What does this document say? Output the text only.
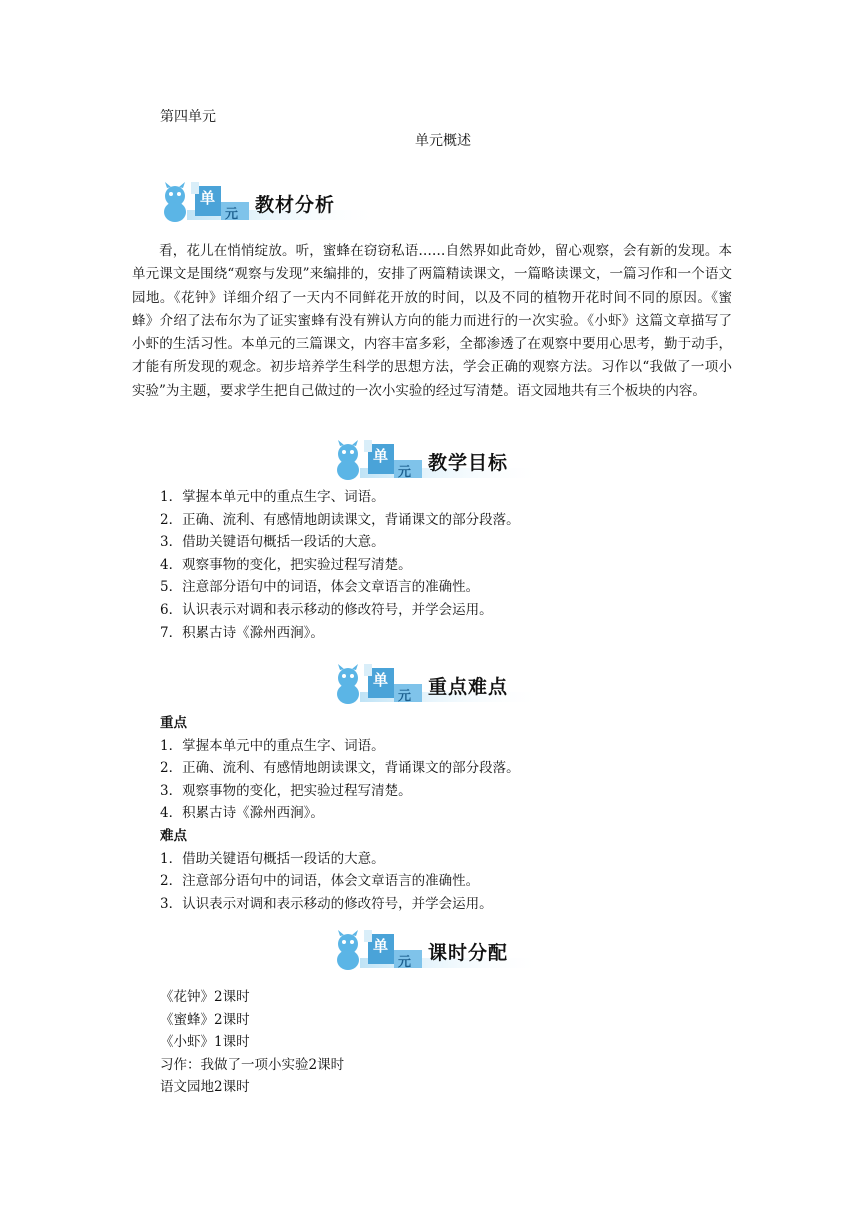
第四单元
单元概述
单
元 教材分析
看，花儿在悄悄绽放。听，蜜蜂在窃窃私语……自然界如此奇妙，留心观察，会有新的发现。本单元课文是围绕“观察与发现”来编排的，安排了两篇精读课文，一篇略读课文，一篇习作和一个语文园地。《花钟》详细介绍了一天内不同鲜花开放的时间，以及不同的植物开花时间不同的原因。《蜜蜂》介绍了法布尔为了证实蜜蜂有没有辨认方向的能力而进行的一次实验。《小虾》这篇文章描写了小虾的生活习性。本单元的三篇课文，内容丰富多彩，全都渗透了在观察中要用心思考，勤于动手，才能有所发现的观念。初步培养学生科学的思想方法，学会正确的观察方法。习作以“我做了一项小实验”为主题，要求学生把自己做过的一次小实验的经过写清楚。语文园地共有三个板块的内容。
单
元 教学目标
1．掌握本单元中的重点生字、词语。
2．正确、流利、有感情地朗读课文，背诵课文的部分段落。
3．借助关键语句概括一段话的大意。
4．观察事物的变化，把实验过程写清楚。
5．注意部分语句中的词语，体会文章语言的准确性。
6．认识表示对调和表示移动的修改符号，并学会运用。
7．积累古诗《滁州西涧》。
单
元 重点难点
重点
1．掌握本单元中的重点生字、词语。
2．正确、流利、有感情地朗读课文，背诵课文的部分段落。
3．观察事物的变化，把实验过程写清楚。
4．积累古诗《滁州西涧》。
难点
1．借助关键语句概括一段话的大意。
2．注意部分语句中的词语，体会文章语言的准确性。
3．认识表示对调和表示移动的修改符号，并学会运用。
单
元 课时分配
《花钟》2课时
《蜜蜂》2课时
《小虾》1课时
习作：我做了一项小实验2课时
语文园地2课时
